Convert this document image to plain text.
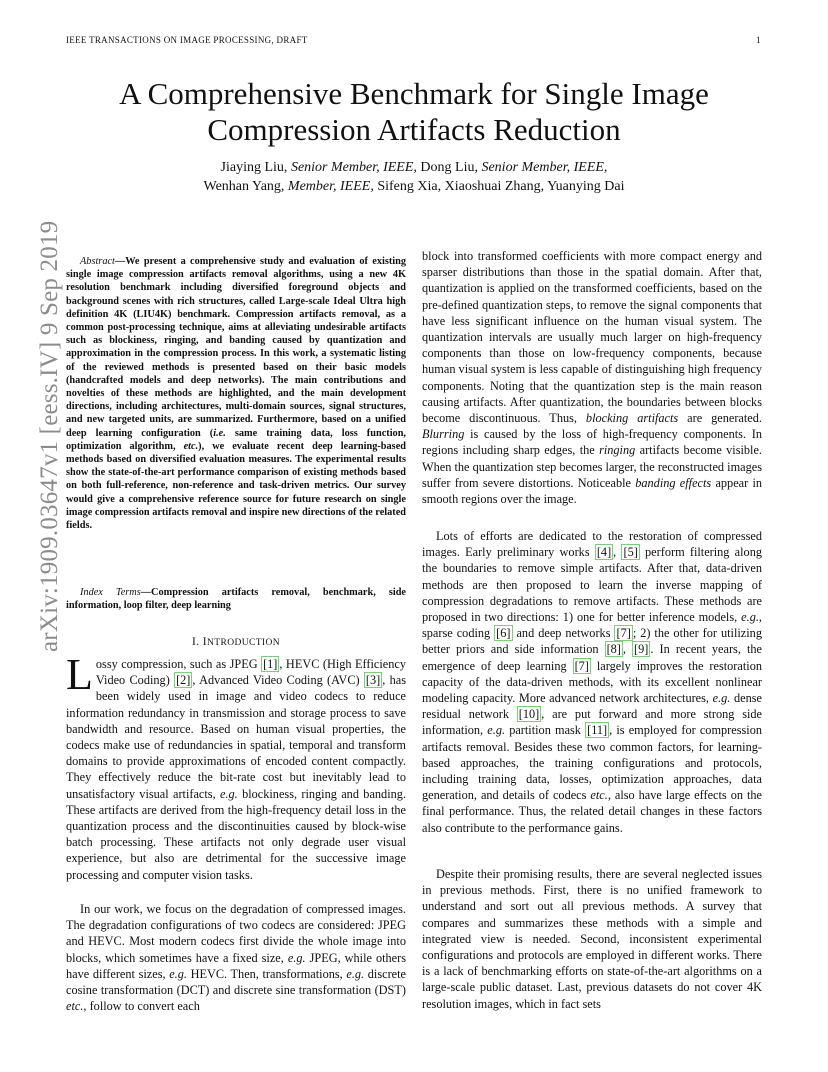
IEEE TRANSACTIONS ON IMAGE PROCESSING, DRAFT	1
arXiv:1909.03647v1 [eess.IV] 9 Sep 2019
A Comprehensive Benchmark for Single Image Compression Artifacts Reduction
Jiaying Liu, Senior Member, IEEE, Dong Liu, Senior Member, IEEE,
Wenhan Yang, Member, IEEE, Sifeng Xia, Xiaoshuai Zhang, Yuanying Dai

Abstract—We present a comprehensive study and evaluation of existing single image compression artifacts removal algorithms, using a new 4K resolution benchmark including diversified foreground objects and background scenes with rich structures, called Large-scale Ideal Ultra high definition 4K (LIU4K) benchmark. Compression artifacts removal, as a common post-processing technique, aims at alleviating undesirable artifacts such as blockiness, ringing, and banding caused by quantization and approximation in the compression process. In this work, a systematic listing of the reviewed methods is presented based on their basic models (handcrafted models and deep networks). The main contributions and novelties of these methods are highlighted, and the main development directions, including architectures, multi-domain sources, signal structures, and new targeted units, are summarized. Furthermore, based on a unified deep learning configuration (i.e. same training data, loss function, optimization algorithm, etc.), we evaluate recent deep learning-based methods based on diversified evaluation measures. The experimental results show the state-of-the-art performance comparison of existing methods based on both full-reference, non-reference and task-driven metrics. Our survey would give a comprehensive reference source for future research on single image compression artifacts removal and inspire new directions of the related fields.

Index Terms—Compression artifacts removal, benchmark, side information, loop filter, deep learning

I. INTRODUCTION

Lossy compression, such as JPEG [1] , HEVC (High Efficiency Video Coding) [2] , Advanced Video Coding (AVC) [3] , has been widely used in image and video codecs to reduce information redundancy in transmission and storage process to save bandwidth and resource. Based on human visual properties, the codecs make use of redundancies in spatial, temporal and transform domains to provide approximations of encoded content compactly. They effectively reduce the bit-rate cost but inevitably lead to unsatisfactory visual artifacts, e.g. blockiness, ringing and banding. These artifacts are derived from the high-frequency detail loss in the quantization process and the discontinuities caused by block-wise batch processing. These artifacts not only degrade user visual experience, but also are detrimental for the successive image processing and computer vision tasks.

In our work, we focus on the degradation of compressed images. The degradation configurations of two codecs are considered: JPEG and HEVC. Most modern codecs first divide the whole image into blocks, which sometimes have a fixed size, e.g. JPEG, while others have different sizes, e.g. HEVC. Then, transformations, e.g. discrete cosine transformation (DCT) and discrete sine transformation (DST) etc., follow to convert each

block into transformed coefficients with more compact energy and sparser distributions than those in the spatial domain. After that, quantization is applied on the transformed coefficients, based on the pre-defined quantization steps, to remove the signal components that have less significant influence on the human visual system. The quantization intervals are usually much larger on high-frequency components than those on low-frequency components, because human visual system is less capable of distinguishing high frequency components. Noting that the quantization step is the main reason causing artifacts. After quantization, the boundaries between blocks become discontinuous. Thus, blocking artifacts are generated. Blurring is caused by the loss of high-frequency components. In regions including sharp edges, the ringing artifacts become visible. When the quantization step becomes larger, the reconstructed images suffer from severe distortions. Noticeable banding effects appear in smooth regions over the image.

Lots of efforts are dedicated to the restoration of compressed images. Early preliminary works [4] , [5] perform filtering along the boundaries to remove simple artifacts. After that, data-driven methods are then proposed to learn the inverse mapping of compression degradations to remove artifacts. These methods are proposed in two directions: 1) one for better inference models, e.g., sparse coding [6] and deep networks [7] ; 2) the other for utilizing better priors and side information [8] , [9] . In recent years, the emergence of deep learning [7] largely improves the restoration capacity of the data-driven methods, with its excellent nonlinear modeling capacity. More advanced network architectures, e.g. dense residual network [10] , are put forward and more strong side information, e.g. partition mask [11] , is employed for compression artifacts removal. Besides these two common factors, for learning-based approaches, the training configurations and protocols, including training data, losses, optimization approaches, data generation, and details of codecs etc., also have large effects on the final performance. Thus, the related detail changes in these factors also contribute to the performance gains.

Despite their promising results, there are several neglected issues in previous methods. First, there is no unified framework to understand and sort out all previous methods. A survey that compares and summarizes these methods with a simple and integrated view is needed. Second, inconsistent experimental configurations and protocols are employed in different works. There is a lack of benchmarking efforts on state-of-the-art algorithms on a large-scale public dataset. Last, previous datasets do not cover 4K resolution images, which in fact sets
